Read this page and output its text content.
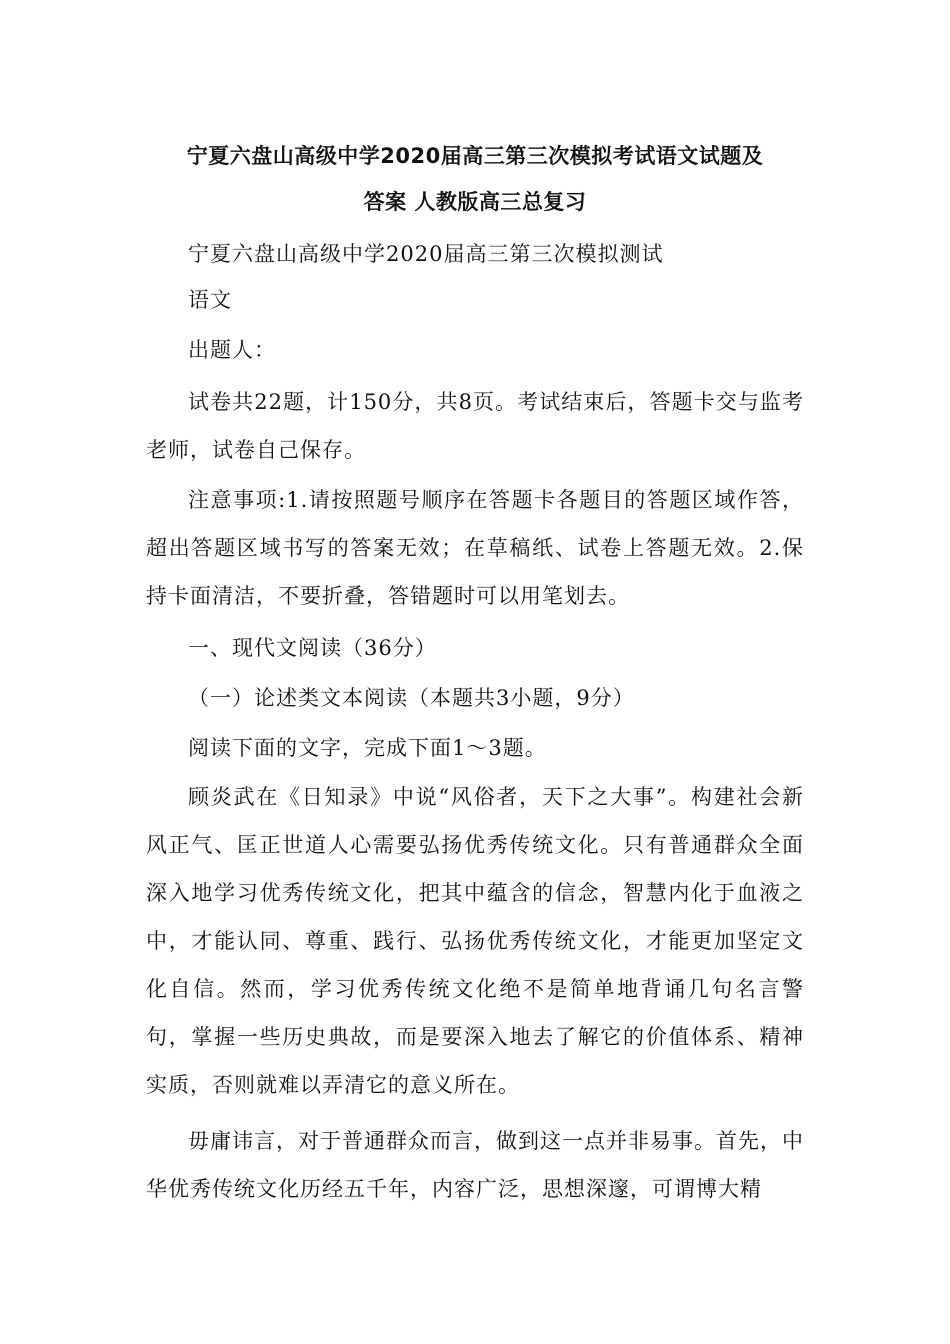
宁夏六盘山高级中学2020届高三第三次模拟考试语文试题及
答案 人教版高三总复习

宁夏六盘山高级中学2020届高三第三次模拟测试

语文

出题人：

试卷共22题，计150分，共8页。考试结束后，答题卡交与监考老师，试卷自己保存。

注意事项:1.请按照题号顺序在答题卡各题目的答题区域作答，超出答题区域书写的答案无效；在草稿纸、试卷上答题无效。2.保持卡面清洁，不要折叠，答错题时可以用笔划去。

一、现代文阅读（36分）

（一）论述类文本阅读（本题共3小题，9分）

阅读下面的文字，完成下面1～3题。

顾炎武在《日知录》中说“风俗者，天下之大事”。构建社会新风正气、匡正世道人心需要弘扬优秀传统文化。只有普通群众全面深入地学习优秀传统文化，把其中蕴含的信念，智慧内化于血液之中，才能认同、尊重、践行、弘扬优秀传统文化，才能更加坚定文化自信。然而，学习优秀传统文化绝不是简单地背诵几句名言警句，掌握一些历史典故，而是要深入地去了解它的价值体系、精神实质，否则就难以弄清它的意义所在。

毋庸讳言，对于普通群众而言，做到这一点并非易事。首先，中华优秀传统文化历经五千年，内容广泛，思想深邃，可谓博大精
